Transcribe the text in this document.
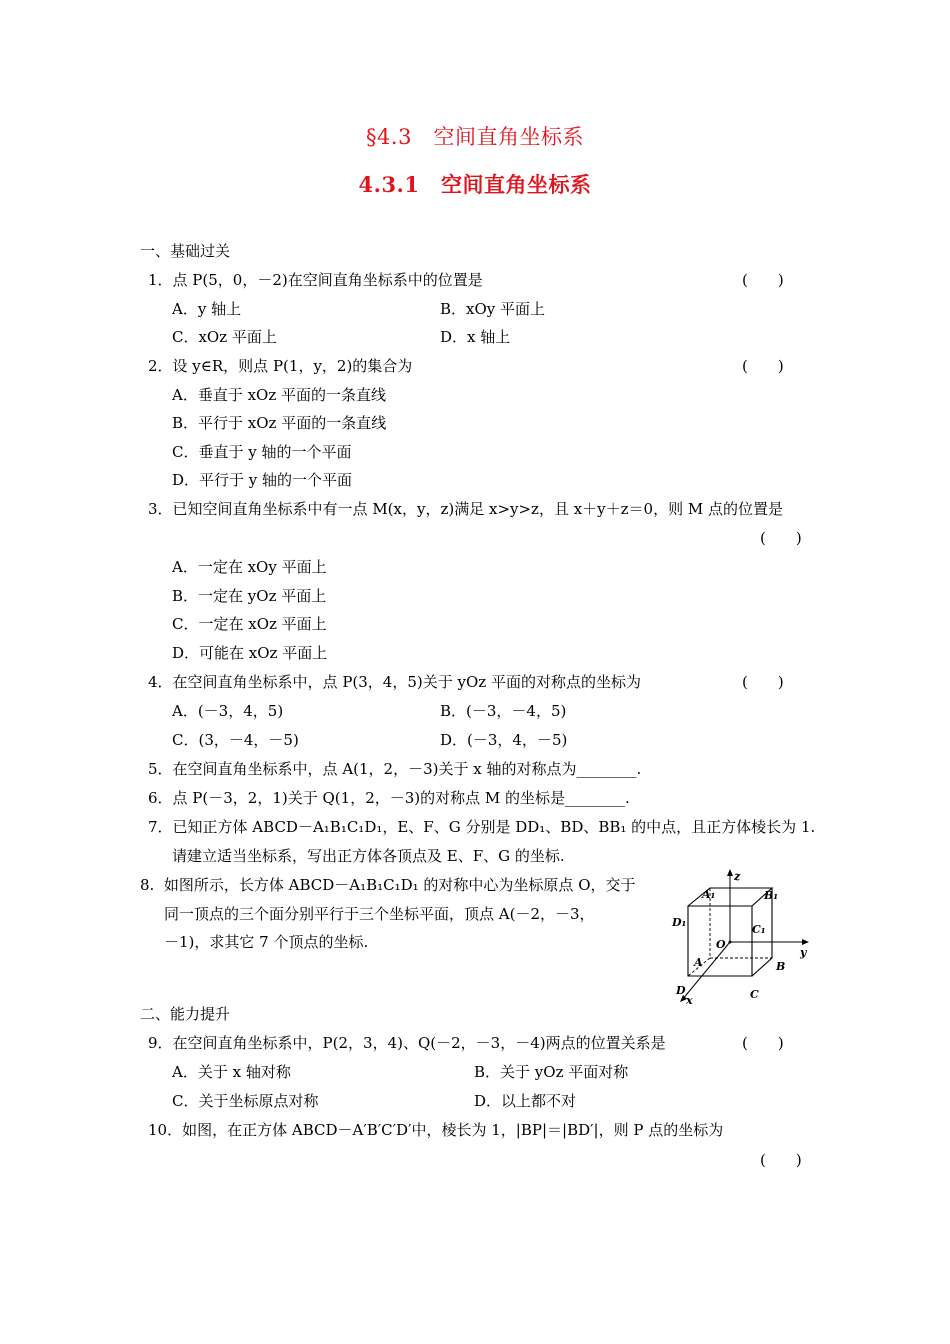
§4.3　空间直角坐标系
4.3.1　空间直角坐标系
一、基础过关
1．点 P(5，0，－2)在空间直角坐标系中的位置是	(　　)
A．y 轴上	B．xOy 平面上
C．xOz 平面上	D．x 轴上
2．设 y∈R，则点 P(1，y，2)的集合为	(　　)
A．垂直于 xOz 平面的一条直线
B．平行于 xOz 平面的一条直线
C．垂直于 y 轴的一个平面
D．平行于 y 轴的一个平面
3．已知空间直角坐标系中有一点 M(x，y，z)满足 x>y>z，且 x＋y＋z＝0，则 M 点的位置是
(　　)
A．一定在 xOy 平面上
B．一定在 yOz 平面上
C．一定在 xOz 平面上
D．可能在 xOz 平面上
4．在空间直角坐标系中，点 P(3，4，5)关于 yOz 平面的对称点的坐标为	(　　)
A．(－3，4，5)	B．(－3，－4，5)
C．(3，－4，－5)	D．(－3，4，－5)
5．在空间直角坐标系中，点 A(1，2，－3)关于 x 轴的对称点为________.
6．点 P(－3，2，1)关于 Q(1，2，－3)的对称点 M 的坐标是________.
7．已知正方体 ABCD－A₁B₁C₁D₁，E、F、G 分别是 DD₁、BD、BB₁ 的中点，且正方体棱长为 1.
请建立适当坐标系，写出正方体各顶点及 E、F、G 的坐标.
8.  如图所示，长方体 ABCD－A₁B₁C₁D₁ 的对称中心为坐标原点 O，交于
同一顶点的三个面分别平行于三个坐标平面，顶点 A(－2，－3，
－1)，求其它 7 个顶点的坐标.
z
y
x
O
A₁	B₁
C₁
D₁
A	B
C
D
二、能力提升
9．在空间直角坐标系中，P(2，3，4)、Q(－2，－3，－4)两点的位置关系是	(　　)
A．关于 x 轴对称	B．关于 yOz 平面对称
C．关于坐标原点对称	D．以上都不对
10．如图，在正方体 ABCD－A′B′C′D′中，棱长为 1，|BP|＝|BD′|，则 P 点的坐标为
(　　)
